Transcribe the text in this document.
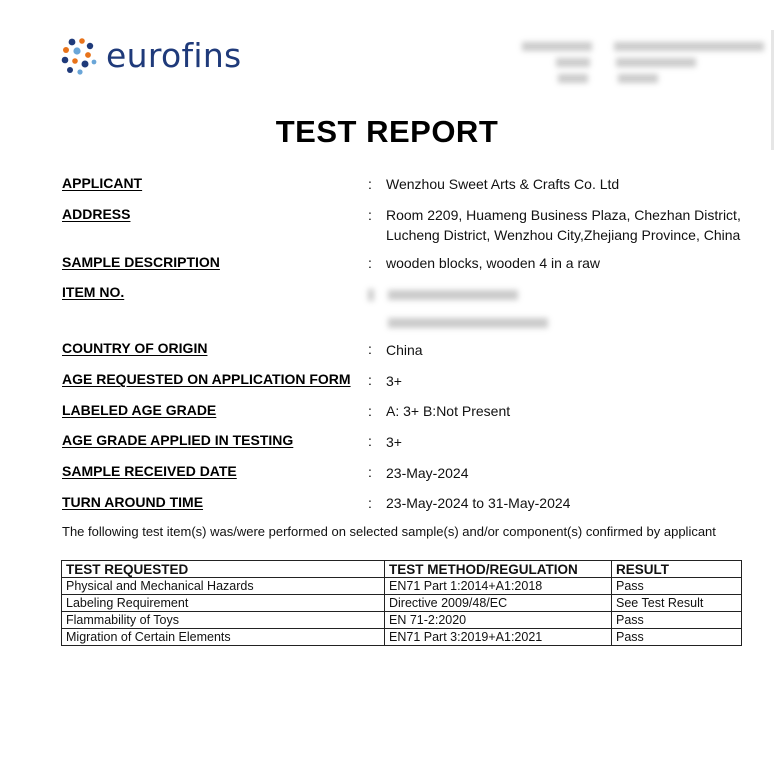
eurofins
TEST REPORT
APPLICANT	: Wenzhou Sweet Arts & Crafts Co. Ltd
ADDRESS	: Room 2209, Huameng Business Plaza, Chezhan District,
Lucheng District, Wenzhou City,Zhejiang Province, China
SAMPLE DESCRIPTION	: wooden blocks, wooden 4 in a raw
ITEM NO.
COUNTRY OF ORIGIN	: China
AGE REQUESTED ON APPLICATION FORM : 3+
LABELED AGE GRADE	: A: 3+ B:Not Present
AGE GRADE APPLIED IN TESTING	: 3+
SAMPLE RECEIVED DATE	: 23-May-2024
TURN AROUND TIME	: 23-May-2024 to 31-May-2024
The following test item(s) was/were performed on selected sample(s) and/or component(s) confirmed by applicant
TEST REQUESTED	TEST METHOD/REGULATION	RESULT
Physical and Mechanical Hazards	EN71 Part 1:2014+A1:2018	Pass
Labeling Requirement	Directive 2009/48/EC	See Test Result
Flammability of Toys	EN 71-2:2020	Pass
Migration of Certain Elements	EN71 Part 3:2019+A1:2021	Pass
